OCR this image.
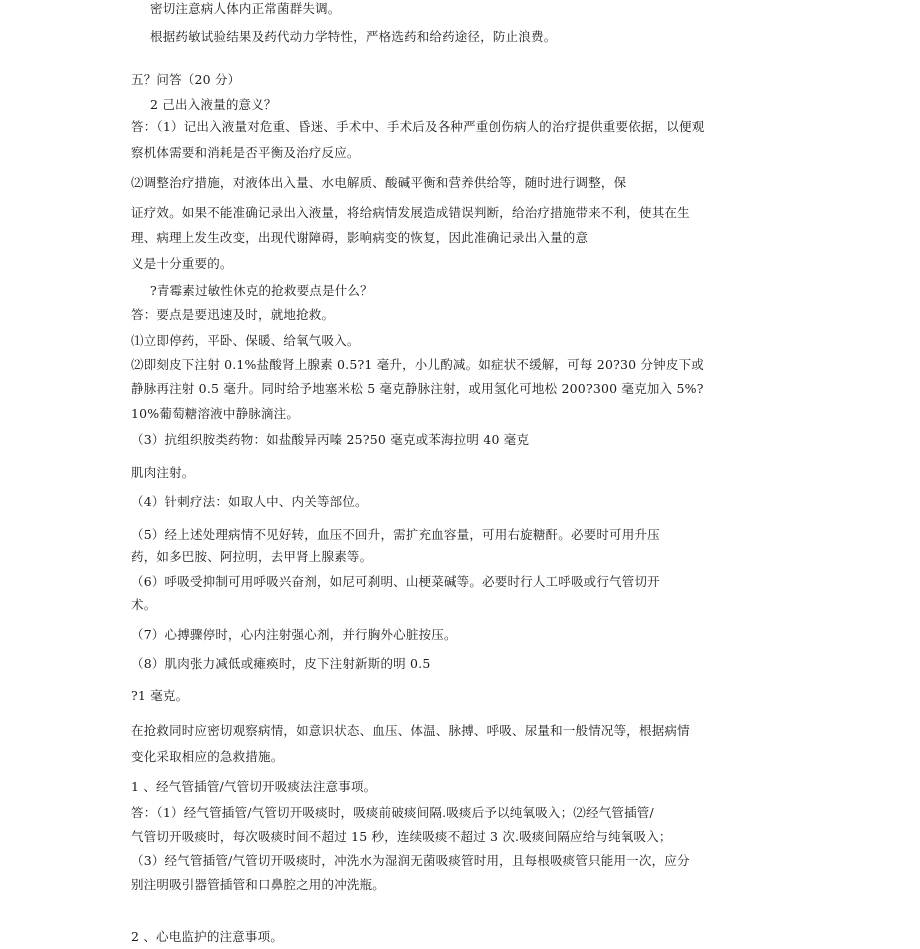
密切注意病人体内正常菌群失调。
根据药敏试验结果及药代动力学特性，严格选药和给药途径，防止浪费。
五？问答（20 分）
2 己出入液量的意义？
答：（1）记出入液量对危重、昏迷、手术中、手术后及各种严重创伤病人的治疗提供重要依据，以便观
察机体需要和消耗是否平衡及治疗反应。
⑵调整治疗措施，对液体出入量、水电解质、酸碱平衡和营养供给等，随时进行调整，保
证疗效。如果不能准确记录出入液量，将给病情发展造成错误判断，给治疗措施带来不利，使其在生
理、病理上发生改变，出现代谢障碍，影响病变的恢复，因此准确记录出入量的意
义是十分重要的。
?青霉素过敏性休克的抢救要点是什么？
答：要点是要迅速及时，就地抢救。
⑴立即停药，平卧、保暖、给氧气吸入。
⑵即刻皮下注射 0.1%盐酸肾上腺素 0.5?1 毫升，小儿酌减。如症状不缓解，可每 20?30 分钟皮下或
静脉再注射 0.5 毫升。同时给予地塞米松 5 毫克静脉注射，或用氢化可地松 200?300 毫克加入 5%?
10%葡萄糖溶液中静脉滴注。
（3）抗组织胺类药物：如盐酸异丙嗪 25?50 毫克或苯海拉明 40 毫克
肌肉注射。
（4）针刺疗法：如取人中、内关等部位。
（5）经上述处理病情不见好转，血压不回升，需扩充血容量，可用右旋糖酐。必要时可用升压
药，如多巴胺、阿拉明，去甲肾上腺素等。
（6）呼吸受抑制可用呼吸兴奋剂，如尼可刹明、山梗菜碱等。必要时行人工呼吸或行气管切开
术。
（7）心搏骤停时，心内注射强心剂，并行胸外心脏按压。
（8）肌肉张力减低或瘫痪时，皮下注射新斯的明 0.5
?1 毫克。
在抢救同时应密切观察病情，如意识状态、血压、体温、脉搏、呼吸、尿量和一般情况等，根据病情
变化采取相应的急救措施。
1 、经气管插管/气管切开吸痰法注意事项。
答：（1）经气管插管/气管切开吸痰时，吸痰前破痰间隔.吸痰后予以纯氧吸入；⑵经气管插管/
气管切开吸痰时，每次吸痰时间不超过 15 秒，连续吸痰不超过 3 次.吸痰间隔应给与纯氧吸入；
（3）经气管插管/气管切开吸痰时，冲洗水为湿润无菌吸痰管时用，且每根吸痰管只能用一次，应分
别注明吸引器管插管和口鼻腔之用的冲洗瓶。
2 、心电监护的注意事项。
